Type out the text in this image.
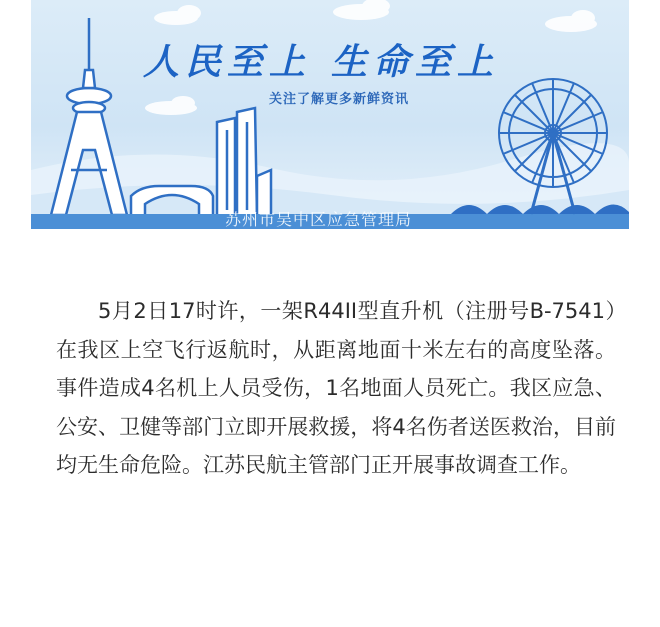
人民至上 生命至上
关注了解更多新鲜资讯
苏州市吴中区应急管理局

5月2日17时许，一架R44II型直升机（注册号B-7541）在我区上空飞行返航时，从距离地面十米左右的高度坠落。事件造成4名机上人员受伤，1名地面人员死亡。我区应急、公安、卫健等部门立即开展救援，将4名伤者送医救治，目前均无生命危险。江苏民航主管部门正开展事故调查工作。
